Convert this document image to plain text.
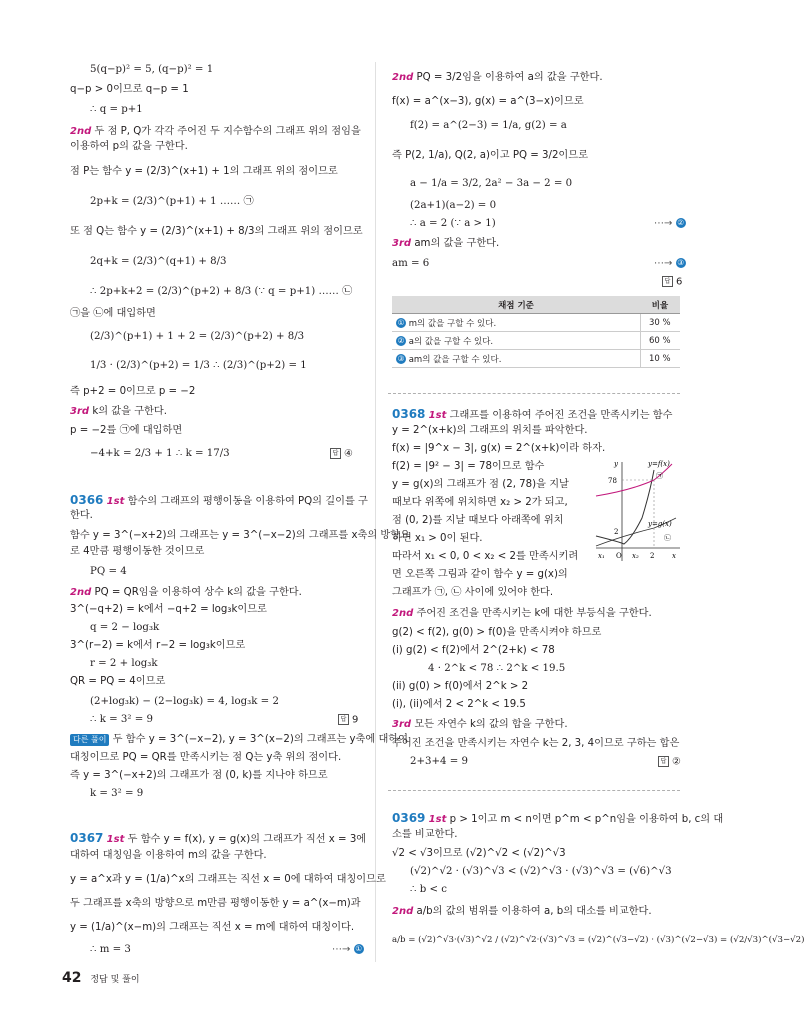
5(q−p)² = 5, (q−p)² = 1
q−p > 0이므로 q−p = 1
∴ q = p+1
2nd 두 점 P, Q가 각각 주어진 두 지수함수의 그래프 위의 점임을
이용하여 p의 값을 구한다.
점 P는 함수 y = (2/3)^(x+1) + 1의 그래프 위의 점이므로
2p+k = (2/3)^(p+1) + 1 …… ㉠
또 점 Q는 함수 y = (2/3)^(x+1) + 8/3의 그래프 위의 점이므로
2q+k = (2/3)^(q+1) + 8/3
∴ 2p+k+2 = (2/3)^(p+2) + 8/3 (∵ q = p+1) …… ㉡
㉠을 ㉡에 대입하면
(2/3)^(p+1) + 1 + 2 = (2/3)^(p+2) + 8/3
1/3 · (2/3)^(p+2) = 1/3 ∴ (2/3)^(p+2) = 1
즉 p+2 = 0이므로 p = −2
3rd k의 값을 구한다.
p = −2를 ㉠에 대입하면
−4+k = 2/3 + 1 ∴ k = 17/3	답 ④
0366 1st 함수의 그래프의 평행이동을 이용하여 PQ의 길이를 구
한다.
함수 y = 3^(−x+2)의 그래프는 y = 3^(−x−2)의 그래프를 x축의 방향으
로 4만큼 평행이동한 것이므로
PQ = 4
2nd PQ = QR임을 이용하여 상수 k의 값을 구한다.
3^(−q+2) = k에서 −q+2 = log₃k이므로
q = 2 − log₃k
3^(r−2) = k에서 r−2 = log₃k이므로
r = 2 + log₃k
QR = PQ = 4이므로
(2+log₃k) − (2−log₃k) = 4, log₃k = 2
∴ k = 3² = 9	답 9
다른 풀이 두 함수 y = 3^(−x−2), y = 3^(x−2)의 그래프는 y축에 대하여
대칭이므로 PQ = QR를 만족시키는 점 Q는 y축 위의 점이다.
즉 y = 3^(−x+2)의 그래프가 점 (0, k)를 지나야 하므로
k = 3² = 9
0367 1st 두 함수 y = f(x), y = g(x)의 그래프가 직선 x = 3에
대하여 대칭임을 이용하여 m의 값을 구한다.
y = a^x과 y = (1/a)^x의 그래프는 직선 x = 0에 대하여 대칭이므로
두 그래프를 x축의 방향으로 m만큼 평행이동한 y = a^(x−m)과
y = (1/a)^(x−m)의 그래프는 직선 x = m에 대하여 대칭이다.
∴ m = 3	⋯→ ①
2nd PQ = 3/2임을 이용하여 a의 값을 구한다.
f(x) = a^(x−3), g(x) = a^(3−x)이므로
f(2) = a^(2−3) = 1/a, g(2) = a
즉 P(2, 1/a), Q(2, a)이고 PQ = 3/2이므로
a − 1/a = 3/2, 2a² − 3a − 2 = 0
(2a+1)(a−2) = 0
∴ a = 2 (∵ a > 1)	⋯→ ②
3rd am의 값을 구한다.
am = 6	⋯→ ③
답 6
채점 기준	비율
① m의 값을 구할 수 있다.	30 %
② a의 값을 구할 수 있다.	60 %
③ am의 값을 구할 수 있다.	10 %
0368 1st 그래프를 이용하여 주어진 조건을 만족시키는 함수
y = 2^(x+k)의 그래프의 위치를 파악한다.
f(x) = |9^x − 3|, g(x) = 2^(x+k)이라 하자.
f(2) = |9² − 3| = 78이므로 함수
y = g(x)의 그래프가 점 (2, 78)을 지날
때보다 위쪽에 위치하면 x₂ > 2가 되고,
점 (0, 2)를 지날 때보다 아래쪽에 위치
하면 x₁ > 0이 된다.
따라서 x₁ < 0, 0 < x₂ < 2를 만족시키려
면 오른쪽 그림과 같이 함수 y = g(x)의
그래프가 ㉠, ㉡ 사이에 있어야 한다.
y	y=f(x)
78
㉠
y=g(x)
2
㉡
x₁ O x₂ 2	x
2nd 주어진 조건을 만족시키는 k에 대한 부등식을 구한다.
g(2) < f(2), g(0) > f(0)을 만족시켜야 하므로
(i) g(2) < f(2)에서 2^(2+k) < 78
4 · 2^k < 78 ∴ 2^k < 19.5
(ii) g(0) > f(0)에서 2^k > 2
(i), (ii)에서 2 < 2^k < 19.5
3rd 모든 자연수 k의 값의 합을 구한다.
주어진 조건을 만족시키는 자연수 k는 2, 3, 4이므로 구하는 합은
2+3+4 = 9	답 ②
0369 1st p > 1이고 m < n이면 p^m < p^n임을 이용하여 b, c의 대
소를 비교한다.
√2 < √3이므로 (√2)^√2 < (√2)^√3
(√2)^√2 · (√3)^√3 < (√2)^√3 · (√3)^√3 = (√6)^√3
∴ b < c
2nd a/b의 값의 범위를 이용하여 a, b의 대소를 비교한다.
a/b = (√2)^√3·(√3)^√2 / (√2)^√2·(√3)^√3 = (√2)^(√3−√2) · (√3)^(√2−√3) = (√2/√3)^(√3−√2)
42 정답 및 풀이
